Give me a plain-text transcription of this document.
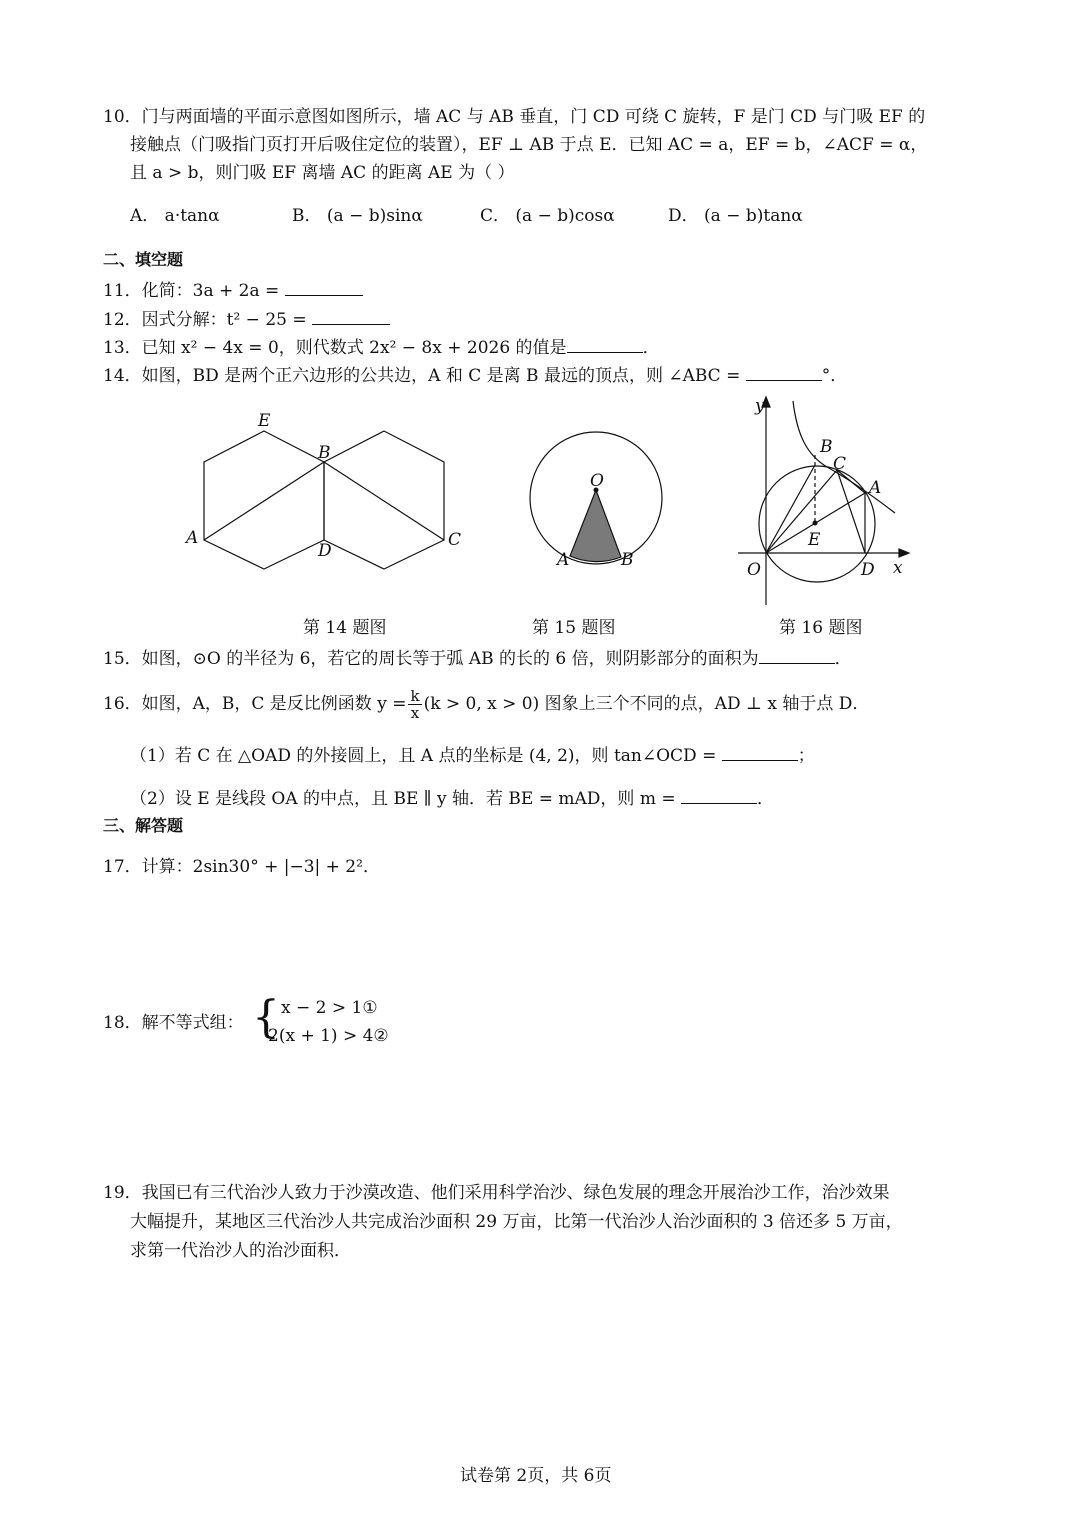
10．门与两面墙的平面示意图如图所示，墙 AC 与 AB 垂直，门 CD 可绕 C 旋转，F 是门 CD 与门吸 EF 的
接触点（门吸指门页打开后吸住定位的装置），EF ⊥ AB 于点 E．已知 AC = a，EF = b，∠ACF = α，
且 a > b，则门吸 EF 离墙 AC 的距离 AE 为（ ）
A． a·tanα	B． (a − b)sinα	C． (a − b)cosα	D． (a − b)tanα
二、填空题
11．化简：3a + 2a =
12．因式分解：t² − 25 =
13．已知 x² − 4x = 0，则代数式 2x² − 8x + 2026 的值是	．
14．如图，BD 是两个正六边形的公共边，A 和 C 是离 B 最远的顶点，则 ∠ABC =	°．
E
B
A
D
C
O
A	B
y
x
O
B
C
A
E
D
第 14 题图	第 15 题图	第 16 题图
15．如图，⊙O 的半径为 6，若它的周长等于弧 AB 的长的 6 倍，则阴影部分的面积为	．
16．如图，A，B，C 是反比例函数 $y = \frac{k}{x} (k > 0$, x > 0) 图象上三个不同的点，AD ⊥ x 轴于点 D．
（1）若 C 在 △OAD 的外接圆上，且 A 点的坐标是 (4, 2)，则 tan∠OCD =	；
（2）设 E 是线段 OA 的中点，且 BE ∥ y 轴．若 BE = mAD，则 m =	．
三、解答题
17．计算：2sin30° + |−3| + 2²．
18．解不等式组： { x − 2 > 1①
2(x + 1) > 4②
19．我国已有三代治沙人致力于沙漠改造、他们采用科学治沙、绿色发展的理念开展治沙工作，治沙效果
大幅提升，某地区三代治沙人共完成治沙面积 29 万亩，比第一代治沙人治沙面积的 3 倍还多 5 万亩，
求第一代治沙人的治沙面积．
试卷第 2页，共 6页
